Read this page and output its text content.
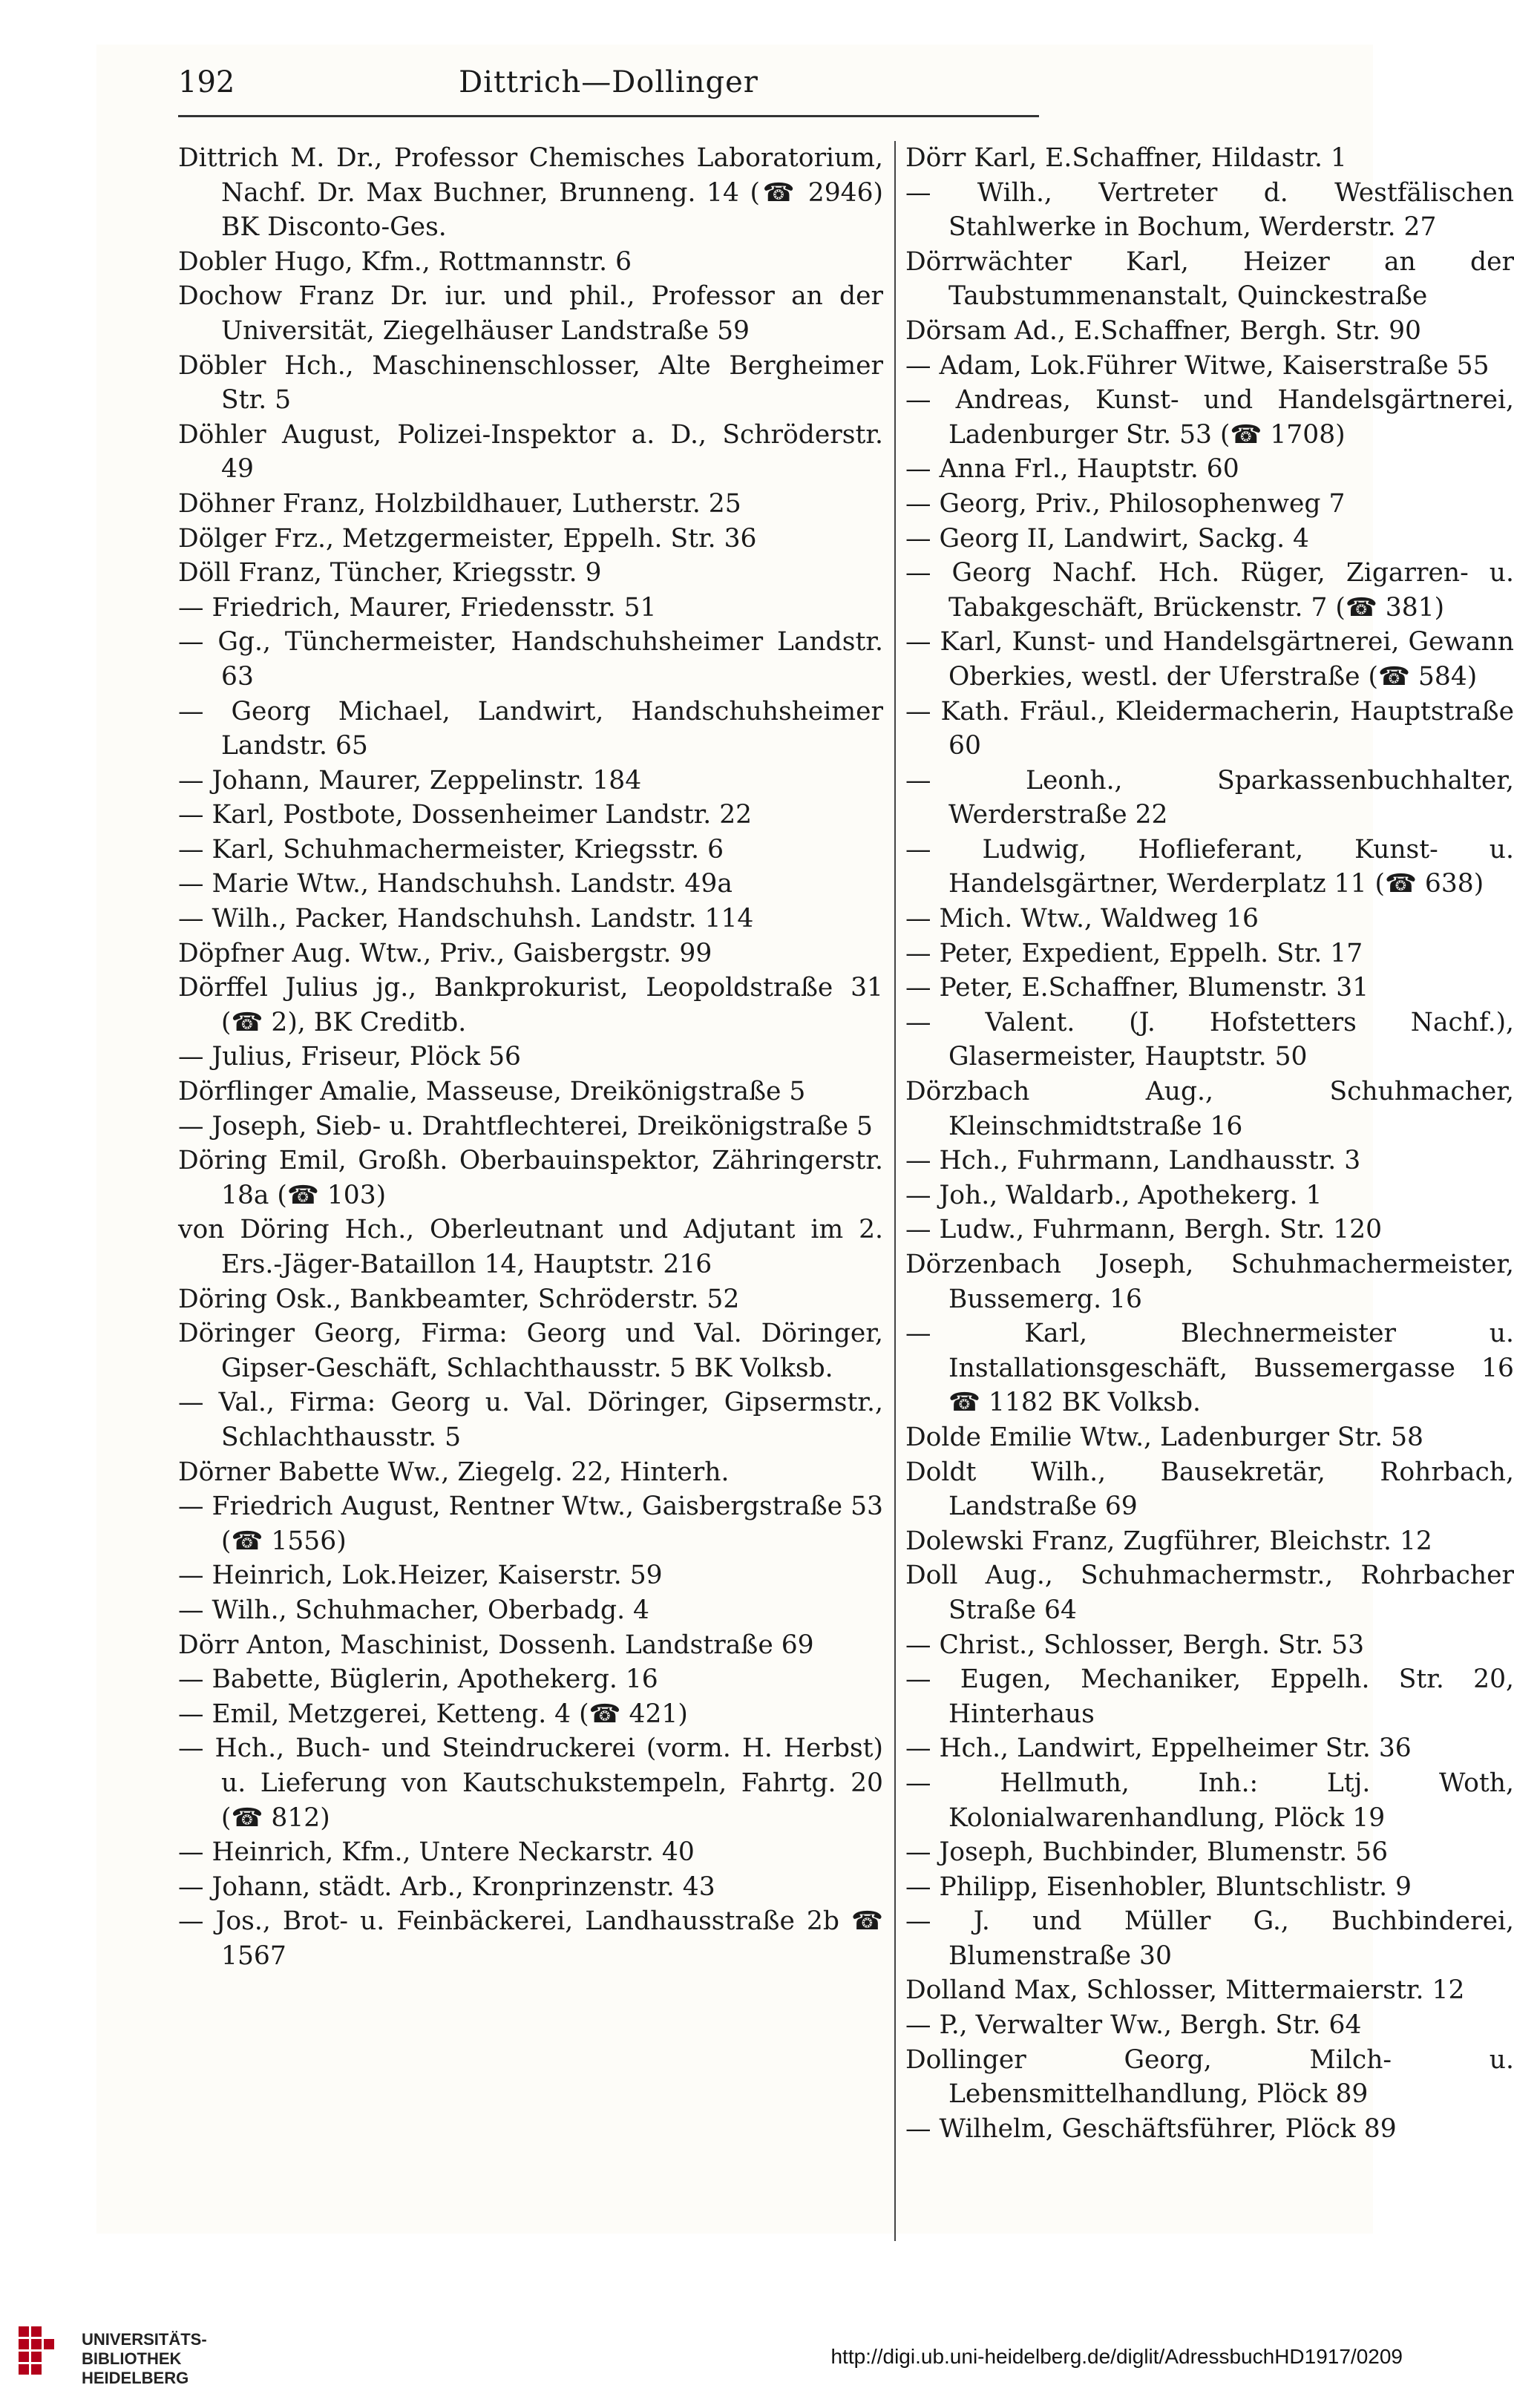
192	Dittrich—Dollinger

Dittrich M. Dr., Professor Chemisches Laboratorium, Nachf. Dr. Max Buchner, Brunneng. 14 (☎ 2946) BK Disconto-Ges.

Dobler Hugo, Kfm., Rottmannstr. 6

Dochow Franz Dr. iur. und phil., Professor an der Universität, Ziegelhäuser Landstraße 59

Döbler Hch., Maschinenschlosser, Alte Bergheimer Str. 5

Döhler August, Polizei-Inspektor a. D., Schröderstr. 49

Döhner Franz, Holzbildhauer, Lutherstr. 25

Dölger Frz., Metzgermeister, Eppelh. Str. 36

Döll Franz, Tüncher, Kriegsstr. 9

— Friedrich, Maurer, Friedensstr. 51

— Gg., Tünchermeister, Handschuhsheimer Landstr. 63

— Georg Michael, Landwirt, Handschuhsheimer Landstr. 65

— Johann, Maurer, Zeppelinstr. 184

— Karl, Postbote, Dossenheimer Landstr. 22

— Karl, Schuhmachermeister, Kriegsstr. 6

— Marie Wtw., Handschuhsh. Landstr. 49a

— Wilh., Packer, Handschuhsh. Landstr. 114

Döpfner Aug. Wtw., Priv., Gaisbergstr. 99

Dörffel Julius jg., Bankprokurist, Leopoldstraße 31 (☎ 2), BK Creditb.

— Julius, Friseur, Plöck 56

Dörflinger Amalie, Masseuse, Dreikönigstraße 5

— Joseph, Sieb- u. Drahtflechterei, Dreikönigstraße 5

Döring Emil, Großh. Oberbauinspektor, Zähringerstr. 18a (☎ 103)

von Döring Hch., Oberleutnant und Adjutant im 2. Ers.-Jäger-Bataillon 14, Hauptstr. 216

Döring Osk., Bankbeamter, Schröderstr. 52

Döringer Georg, Firma: Georg und Val. Döringer, Gipser-Geschäft, Schlachthausstr. 5 BK Volksb.

— Val., Firma: Georg u. Val. Döringer, Gipsermstr., Schlachthausstr. 5

Dörner Babette Ww., Ziegelg. 22, Hinterh.

— Friedrich August, Rentner Wtw., Gaisbergstraße 53 (☎ 1556)

— Heinrich, Lok.Heizer, Kaiserstr. 59

— Wilh., Schuhmacher, Oberbadg. 4

Dörr Anton, Maschinist, Dossenh. Landstraße 69

— Babette, Büglerin, Apothekerg. 16

— Emil, Metzgerei, Ketteng. 4 (☎ 421)

— Hch., Buch- und Steindruckerei (vorm. H. Herbst) u. Lieferung von Kautschukstempeln, Fahrtg. 20 (☎ 812)

— Heinrich, Kfm., Untere Neckarstr. 40

— Johann, städt. Arb., Kronprinzenstr. 43

— Jos., Brot- u. Feinbäckerei, Landhausstraße 2b ☎ 1567

Dörr Karl, E.Schaffner, Hildastr. 1

— Wilh., Vertreter d. Westfälischen Stahlwerke in Bochum, Werderstr. 27

Dörrwächter Karl, Heizer an der Taubstummenanstalt, Quinckestraße

Dörsam Ad., E.Schaffner, Bergh. Str. 90

— Adam, Lok.Führer Witwe, Kaiserstraße 55

— Andreas, Kunst- und Handelsgärtnerei, Ladenburger Str. 53 (☎ 1708)

— Anna Frl., Hauptstr. 60

— Georg, Priv., Philosophenweg 7

— Georg II, Landwirt, Sackg. 4

— Georg Nachf. Hch. Rüger, Zigarren- u. Tabakgeschäft, Brückenstr. 7 (☎ 381)

— Karl, Kunst- und Handelsgärtnerei, Gewann Oberkies, westl. der Uferstraße (☎ 584)

— Kath. Fräul., Kleidermacherin, Hauptstraße 60

— Leonh., Sparkassenbuchhalter, Werderstraße 22

— Ludwig, Hoflieferant, Kunst- u. Handelsgärtner, Werderplatz 11 (☎ 638)

— Mich. Wtw., Waldweg 16

— Peter, Expedient, Eppelh. Str. 17

— Peter, E.Schaffner, Blumenstr. 31

— Valent. (J. Hofstetters Nachf.), Glasermeister, Hauptstr. 50

Dörzbach Aug., Schuhmacher, Kleinschmidtstraße 16

— Hch., Fuhrmann, Landhausstr. 3

— Joh., Waldarb., Apothekerg. 1

— Ludw., Fuhrmann, Bergh. Str. 120

Dörzenbach Joseph, Schuhmachermeister, Bussemerg. 16

— Karl, Blechnermeister u. Installationsgeschäft, Bussemergasse 16 ☎ 1182 BK Volksb.

Dolde Emilie Wtw., Ladenburger Str. 58

Doldt Wilh., Bausekretär, Rohrbach, Landstraße 69

Dolewski Franz, Zugführer, Bleichstr. 12

Doll Aug., Schuhmachermstr., Rohrbacher Straße 64

— Christ., Schlosser, Bergh. Str. 53

— Eugen, Mechaniker, Eppelh. Str. 20, Hinterhaus

— Hch., Landwirt, Eppelheimer Str. 36

— Hellmuth, Inh.: Ltj. Woth, Kolonialwarenhandlung, Plöck 19

— Joseph, Buchbinder, Blumenstr. 56

— Philipp, Eisenhobler, Bluntschlistr. 9

— J. und Müller G., Buchbinderei, Blumenstraße 30

Dolland Max, Schlosser, Mittermaierstr. 12

— P., Verwalter Ww., Bergh. Str. 64

Dollinger Georg, Milch- u. Lebensmittelhandlung, Plöck 89

— Wilhelm, Geschäftsführer, Plöck 89

UNIVERSITÄTS-
BIBLIOTHEK
HEIDELBERG
http://digi.ub.uni-heidelberg.de/diglit/AdressbuchHD1917/0209
